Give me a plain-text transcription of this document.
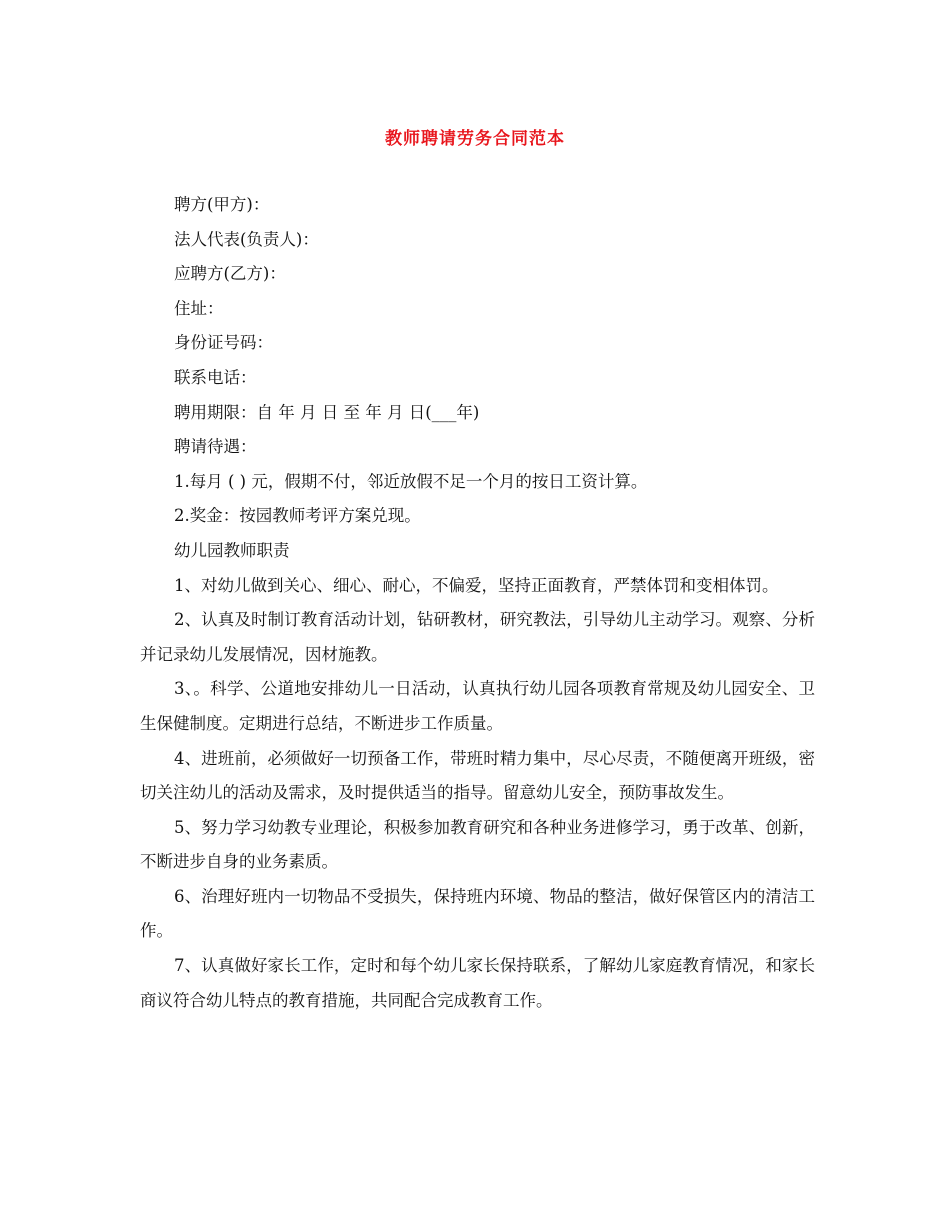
教师聘请劳务合同范本

聘方(甲方)：

法人代表(负责人)：

应聘方(乙方)：

住址：

身份证号码：

联系电话：

聘用期限：自 年 月 日 至 年 月 日(___年)

聘请待遇：

1.每月 ( ) 元，假期不付，邻近放假不足一个月的按日工资计算。

2.奖金：按园教师考评方案兑现。

幼儿园教师职责

1、对幼儿做到关心、细心、耐心，不偏爱，坚持正面教育，严禁体罚和变相体罚。

2、认真及时制订教育活动计划，钻研教材，研究教法，引导幼儿主动学习。观察、分析并记录幼儿发展情况，因材施教。

3、。科学、公道地安排幼儿一日活动，认真执行幼儿园各项教育常规及幼儿园安全、卫生保健制度。定期进行总结，不断进步工作质量。

4、进班前，必须做好一切预备工作，带班时精力集中，尽心尽责，不随便离开班级，密切关注幼儿的活动及需求，及时提供适当的指导。留意幼儿安全，预防事故发生。

5、努力学习幼教专业理论，积极参加教育研究和各种业务进修学习，勇于改革、创新，不断进步自身的业务素质。

6、治理好班内一切物品不受损失，保持班内环境、物品的整洁，做好保管区内的清洁工作。

7、认真做好家长工作，定时和每个幼儿家长保持联系，了解幼儿家庭教育情况，和家长商议符合幼儿特点的教育措施，共同配合完成教育工作。
